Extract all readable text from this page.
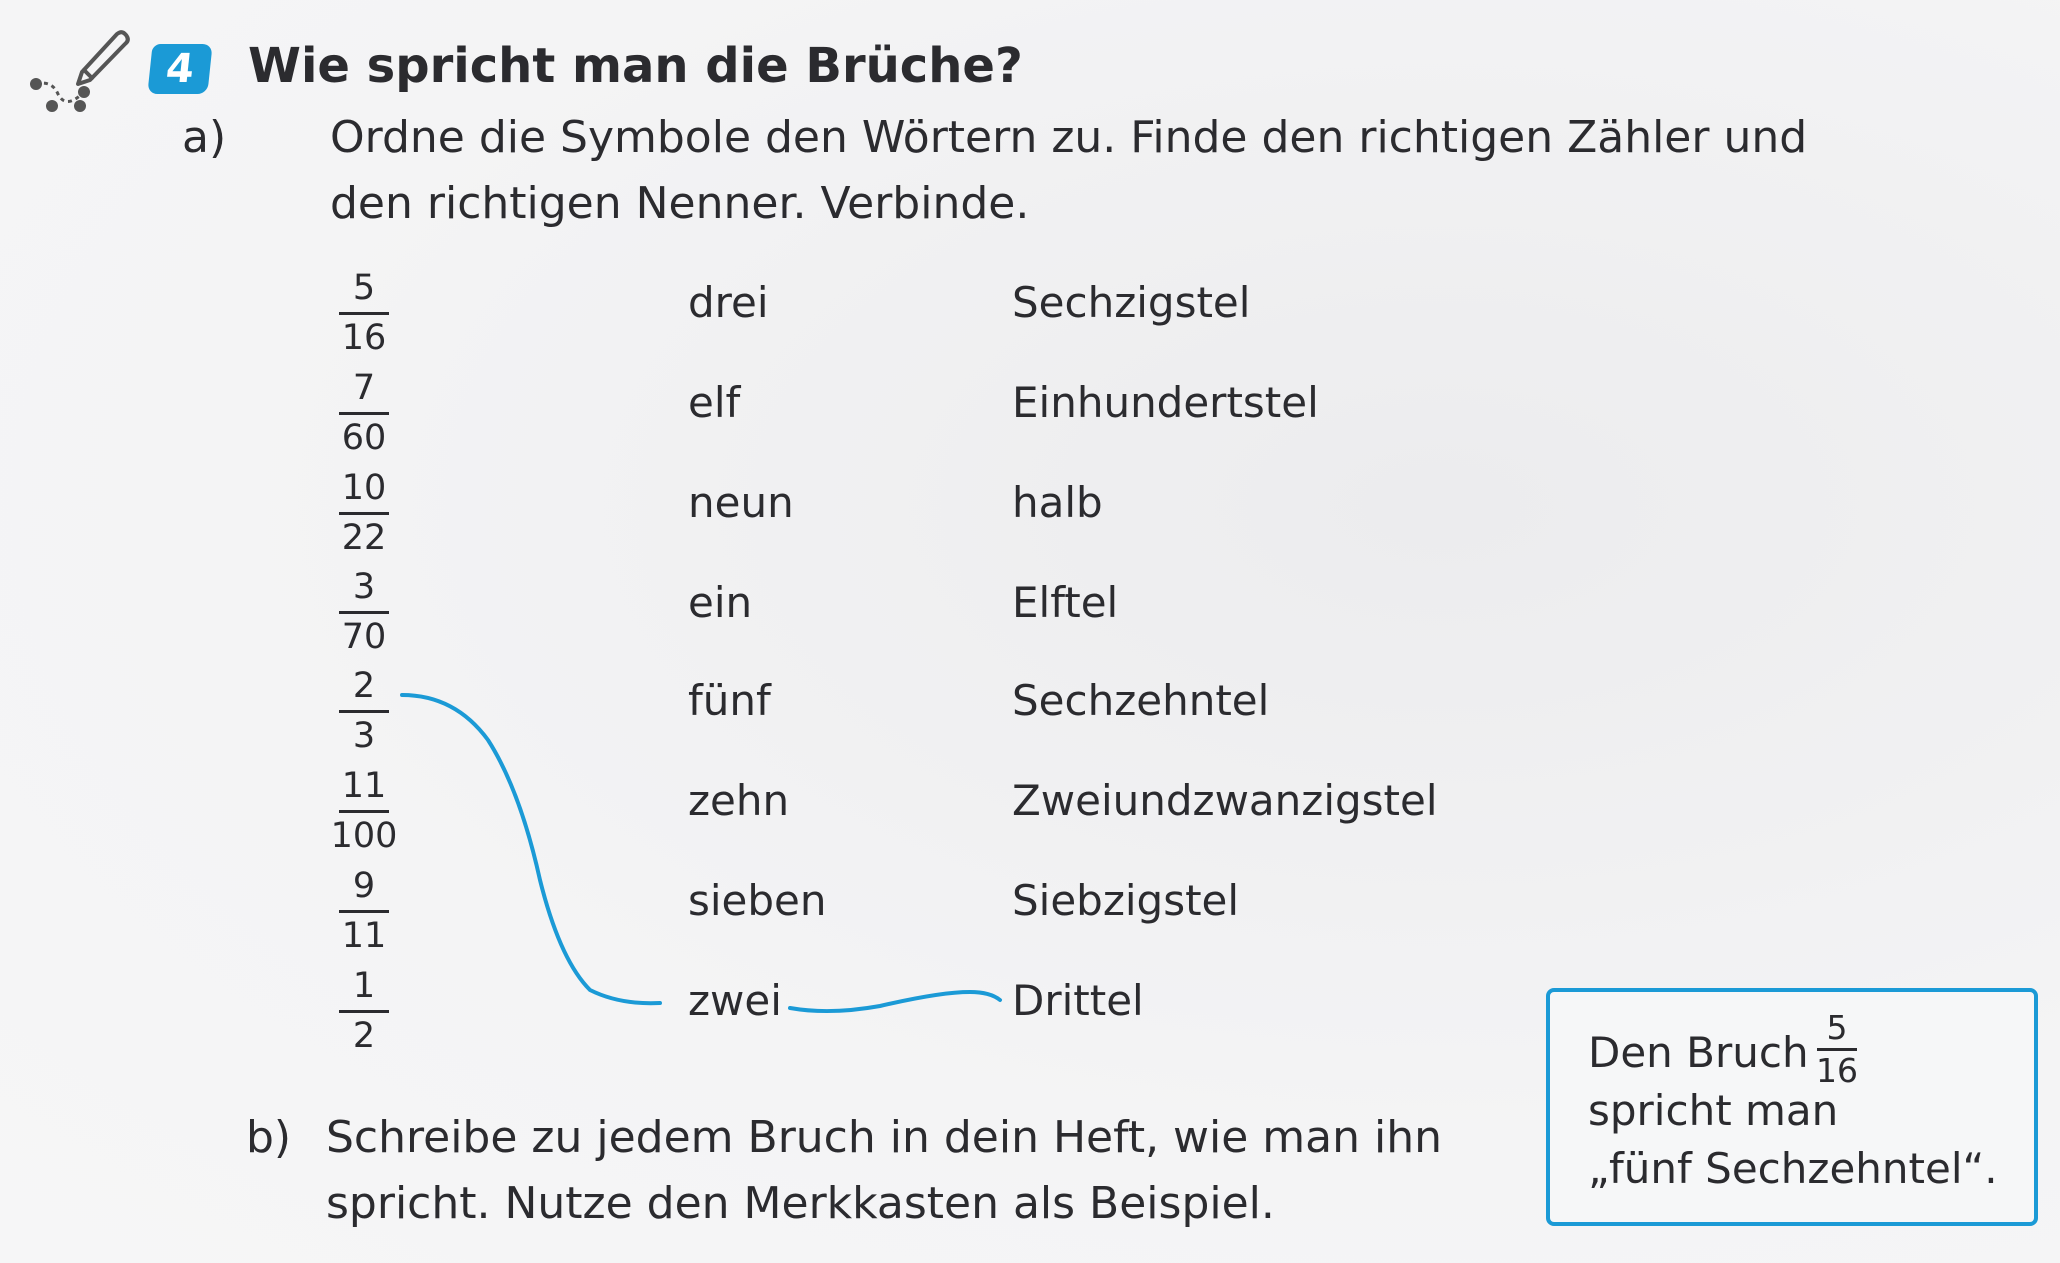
4	Wie spricht man die Brüche?
a) Ordne die Symbole den Wörtern zu. Finde den richtigen Zähler und
den richtigen Nenner. Verbinde.
5
16
7
60
10
22
3
70
2
3
11
100
9
11
1
2
drei
elf
neun
ein
fünf
zehn
sieben
zwei
Sechzigstel
Einhundertstel
halb
Elftel
Sechzehntel
Zweiundzwanzigstel
Siebzigstel
Drittel
b) Schreibe zu jedem Bruch in dein Heft, wie man ihn
spricht. Nutze den Merkkasten als Beispiel.
Den Bruch
5
16
spricht man
„fünf Sechzehntel“.
